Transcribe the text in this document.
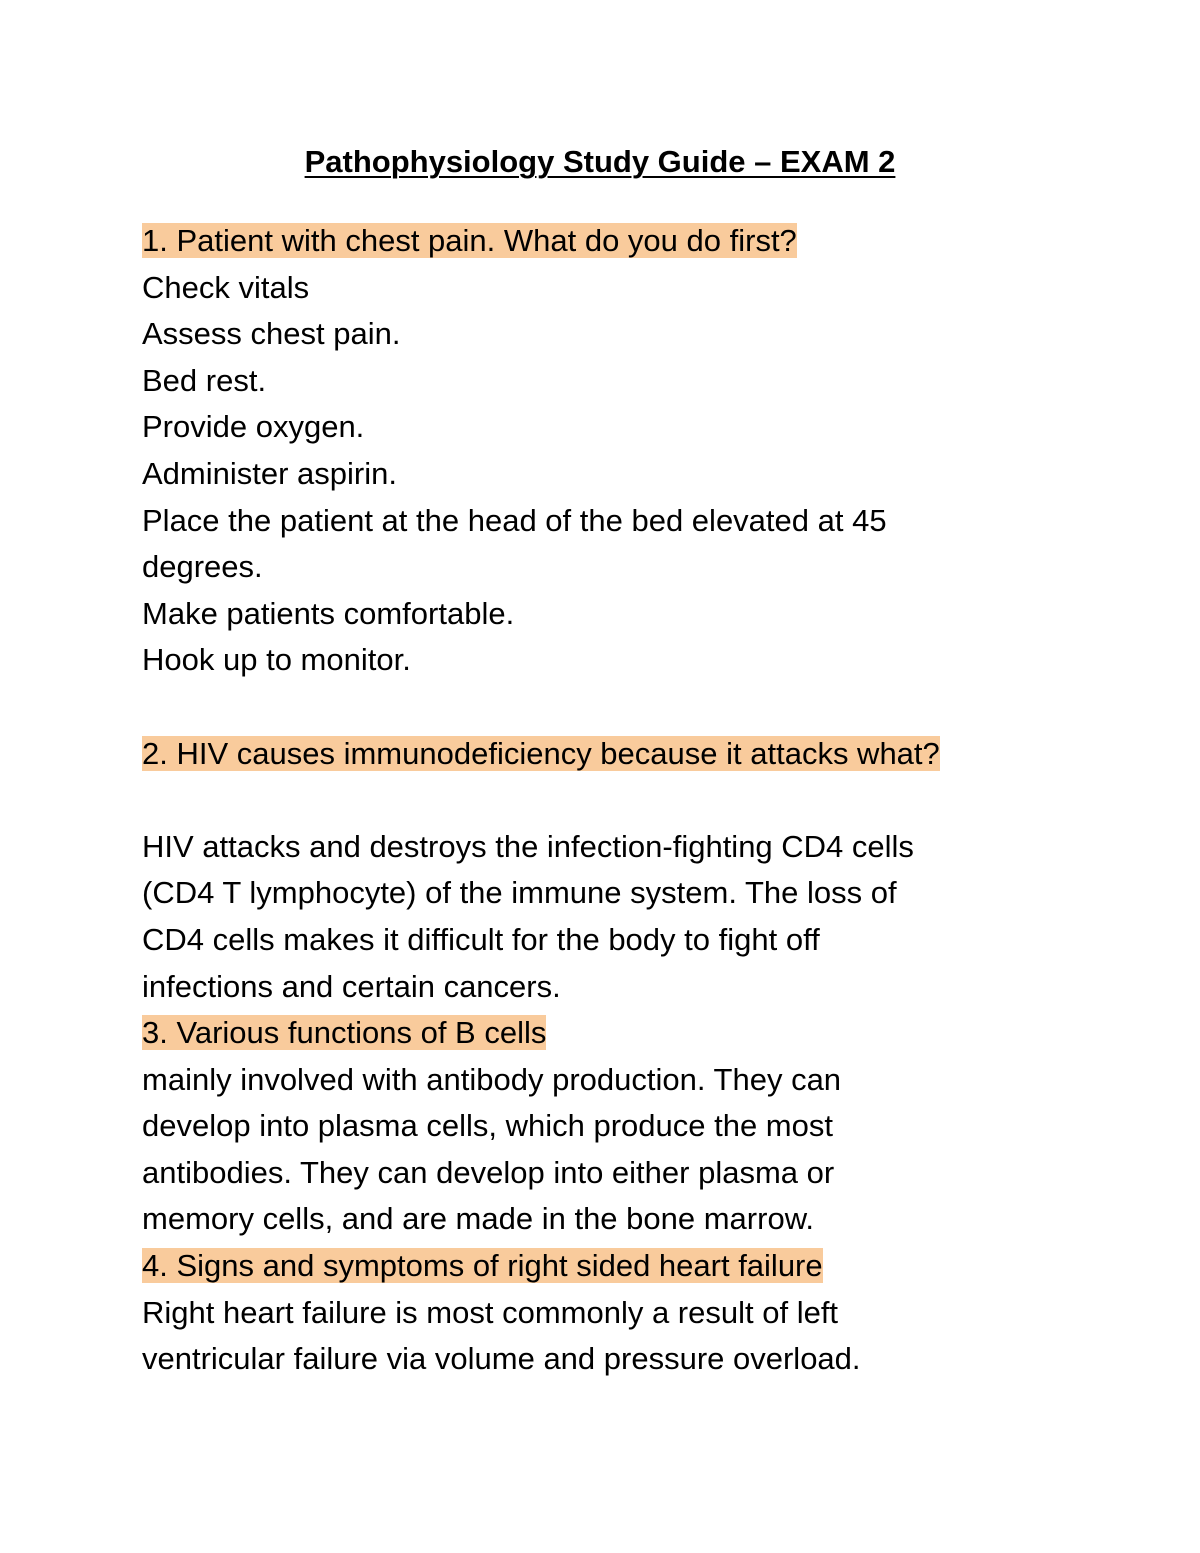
Pathophysiology Study Guide – EXAM 2
1. Patient with chest pain. What do you do first?
Check vitals
Assess chest pain.
Bed rest.
Provide oxygen.
Administer aspirin.
Place the patient at the head of the bed elevated at 45
degrees.
Make patients comfortable.
Hook up to monitor.
2. HIV causes immunodeficiency because it attacks what?
HIV attacks and destroys the infection-fighting CD4 cells
(CD4 T lymphocyte) of the immune system. The loss of
CD4 cells makes it difficult for the body to fight off
infections and certain cancers.
3. Various functions of B cells
mainly involved with antibody production. They can
develop into plasma cells, which produce the most
antibodies. They can develop into either plasma or
memory cells, and are made in the bone marrow.
4. Signs and symptoms of right sided heart failure
Right heart failure is most commonly a result of left
ventricular failure via volume and pressure overload.
